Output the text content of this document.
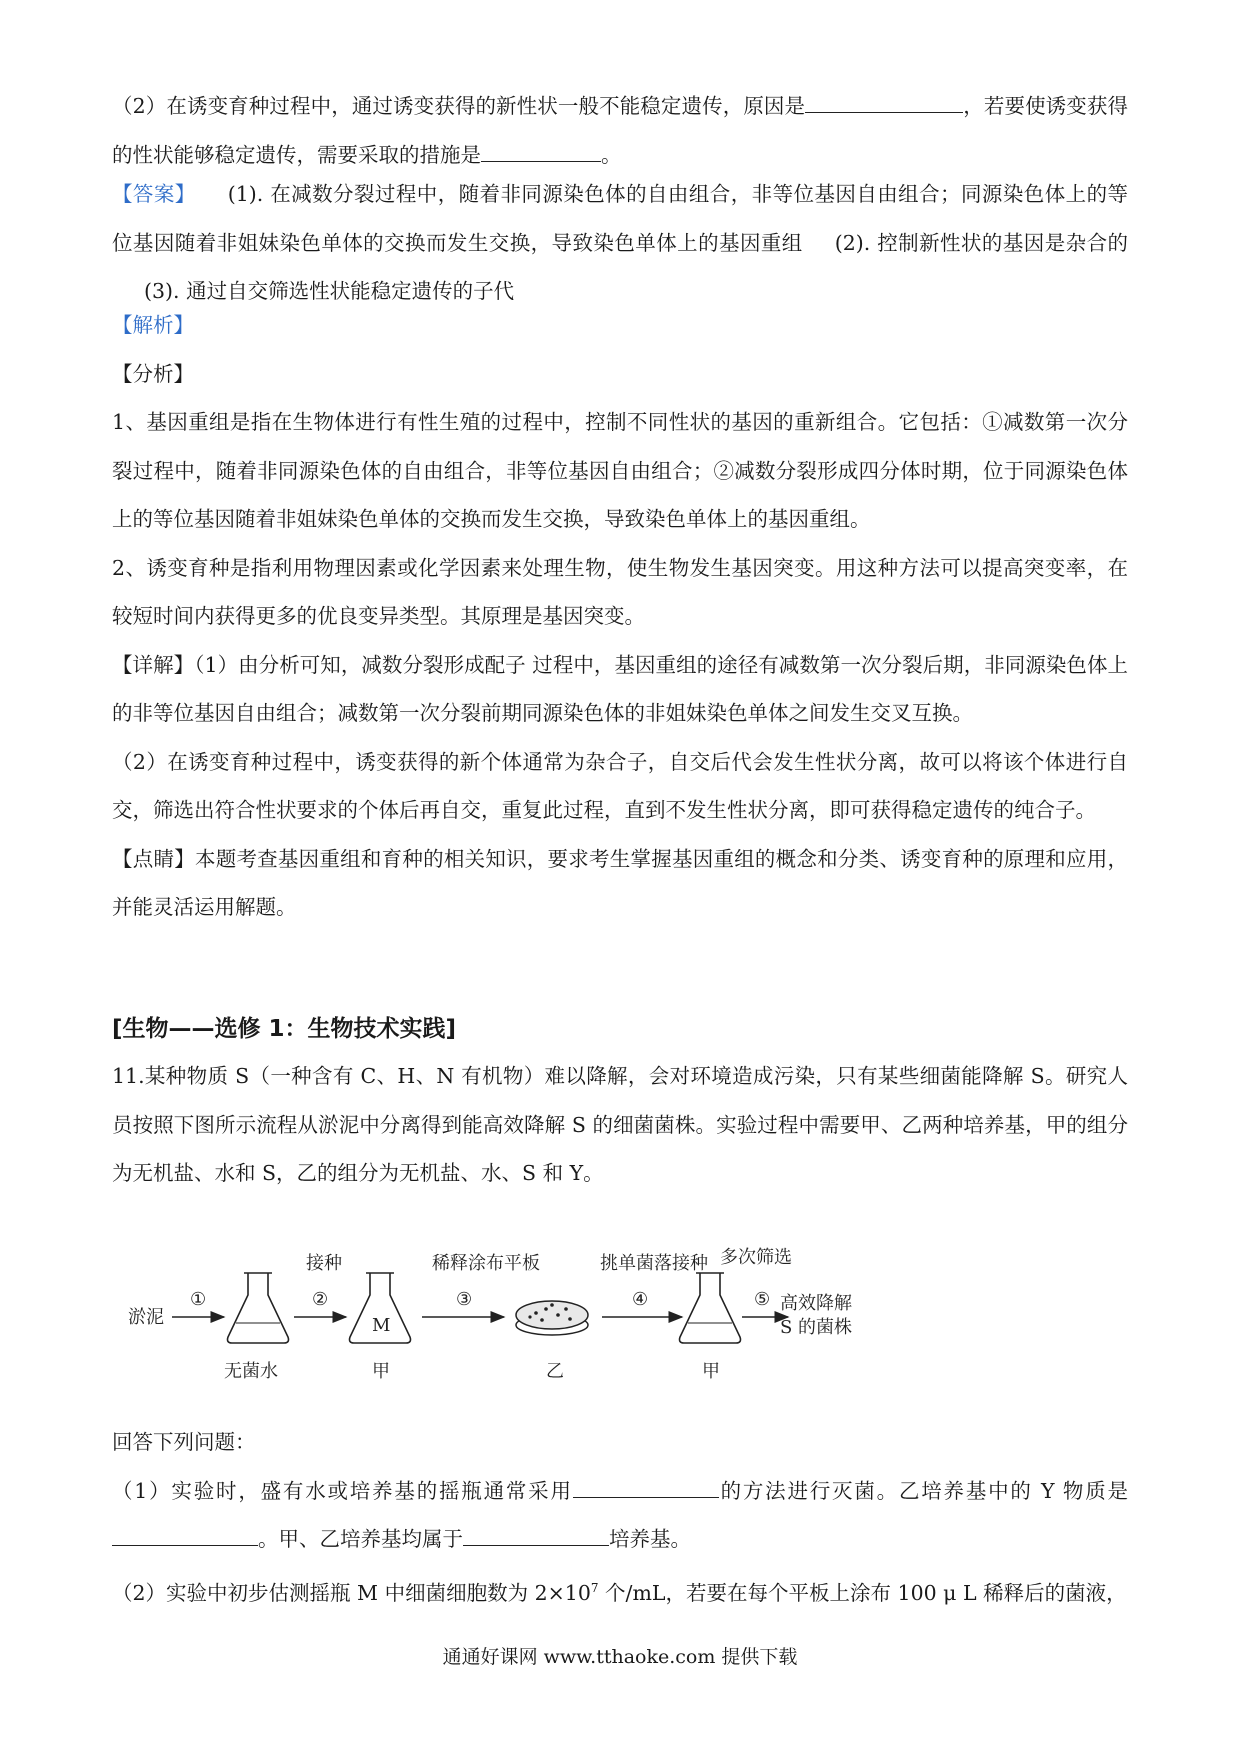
（2）在诱变育种过程中，通过诱变获得的新性状一般不能稳定遗传，原因是	，若要使诱变获得的性状能够稳定遗传，需要采取的措施是	。

【答案】 (1). 在减数分裂过程中，随着非同源染色体的自由组合，非等位基因自由组合；同源染色体上的等位基因随着非姐妹染色单体的交换而发生交换，导致染色单体上的基因重组 (2). 控制新性状的基因是杂合的(3). 通过自交筛选性状能稳定遗传的子代

【解析】

【分析】

1、基因重组是指在生物体进行有性生殖的过程中，控制不同性状的基因的重新组合。它包括：①减数第一次分裂过程中，随着非同源染色体的自由组合，非等位基因自由组合；②减数分裂形成四分体时期，位于同源染色体上的等位基因随着非姐妹染色单体的交换而发生交换，导致染色单体上的基因重组。

2、诱变育种是指利用物理因素或化学因素来处理生物，使生物发生基因突变。用这种方法可以提高突变率，在较短时间内获得更多的优良变异类型。其原理是基因突变。

【详解】（1）由分析可知，减数分裂形成配子 过程中，基因重组的途径有减数第一次分裂后期，非同源染色体上的非等位基因自由组合；减数第一次分裂前期同源染色体的非姐妹染色单体之间发生交叉互换。

（2）在诱变育种过程中，诱变获得的新个体通常为杂合子，自交后代会发生性状分离，故可以将该个体进行自交，筛选出符合性状要求的个体后再自交，重复此过程，直到不发生性状分离，即可获得稳定遗传的纯合子。

【点睛】本题考查基因重组和育种的相关知识，要求考生掌握基因重组的概念和分类、诱变育种的原理和应用，并能灵活运用解题。

[生物——选修 1：生物技术实践]

11.某种物质 S（一种含有 C、H、N 有机物）难以降解，会对环境造成污染，只有某些细菌能降解 S。研究人员按照下图所示流程从淤泥中分离得到能高效降解 S 的细菌菌株。实验过程中需要甲、乙两种培养基，甲的组分为无机盐、水和 S，乙的组分为无机盐、水、S 和 Y。

淤泥
①
无菌水
②
接种
M
甲
③
稀释涂布平板
乙
④
挑单菌落接种
甲
⑤
多次筛选
高效降解
S 的菌株

回答下列问题：

（1）实验时，盛有水或培养基的摇瓶通常采用	的方法进行灭菌。乙培养基中的 Y 物质是。甲、乙培养基均属于	培养基。

（2）实验中初步估测摇瓶 M 中细菌细胞数为 $2\times 10^7$ 个/mL，若要在每个平板上涂布 100 μ L 稀释后的菌液，

通通好课网 www.tthaoke.com 提供下载
